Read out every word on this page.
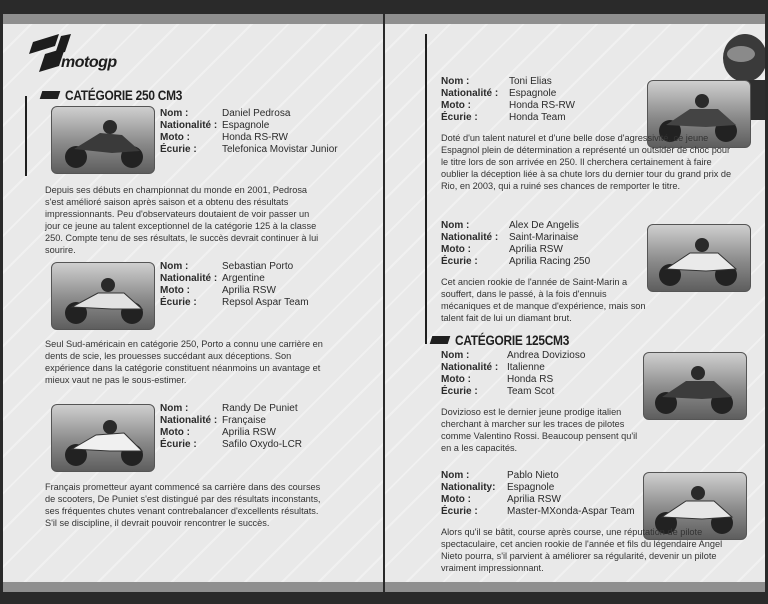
motogp
CATÉGORIE 250 CM3
Nom :	Daniel Pedrosa
Nationalité : Espagnole
Moto :	Honda RS-RW
Écurie :	Telefonica Movistar Junior
Depuis ses débuts en championnat du monde en 2001, Pedrosa s'est amélioré saison après saison et a obtenu des résultats impressionnants. Peu d'observateurs doutaient de voir passer un jour ce jeune au talent exceptionnel de la catégorie 125 à la classe 250. Compte tenu de ses résultats, le succès devrait continuer à lui sourire.
Nom :	Sebastian Porto
Nationalité : Argentine
Moto :	Aprilia RSW
Écurie :	Repsol Aspar Team
Seul Sud-américain en catégorie 250, Porto a connu une carrière en dents de scie, les prouesses succédant aux déceptions. Son expérience dans la catégorie constituent néanmoins un avantage et mieux vaut ne pas le sous-estimer.
Nom :	Randy De Puniet
Nationalité : Française
Moto :	Aprilia RSW
Écurie :	Safilo Oxydo-LCR
Français prometteur ayant commencé sa carrière dans des courses de scooters, De Puniet s'est distingué par des résultats inconstants, ses fréquentes chutes venant contrebalancer d'excellents résultats. S'il se discipline, il devrait pouvoir rencontrer le succès.
Nom :	Toni Elias
Nationalité :	Espagnole
Moto :	Honda RS-RW
Écurie :	Honda Team
Doté d'un talent naturel et d'une belle dose d'agressivité, ce jeune Espagnol plein de détermination a représenté un outsider de choc pour le titre lors de son arrivée en 250. Il cherchera certainement à faire oublier la déception liée à sa chute lors du dernier tour du grand prix de Rio, en 2003, qui a ruiné ses chances de remporter le titre.
Nom :	Alex De Angelis
Nationalité :	Saint-Marinaise
Moto :	Aprilia RSW
Écurie :	Aprilia Racing 250
Cet ancien rookie de l'année de Saint-Marin a souffert, dans le passé, à la fois d'ennuis mécaniques et de manque d'expérience, mais son talent fait de lui un diamant brut.
CATÉGORIE 125CM3
Nom :	Andrea Dovizioso
Nationalité : Italienne
Moto :	Honda RS
Écurie :	Team Scot
Dovizioso est le dernier jeune prodige italien cherchant à marcher sur les traces de pilotes comme Valentino Rossi. Beaucoup pensent qu'il en a les capacités.
Nom :	Pablo Nieto
Nationality:	Espagnole
Moto :	Aprilia RSW
Écurie :	Master-MXonda-Aspar Team
Alors qu'il se bâtit, course après course, une réputation de pilote spectaculaire, cet ancien rookie de l'année et fils du légendaire Angel Nieto pourra, s'il parvient à améliorer sa régularité, devenir un pilote vraiment impressionnant.
